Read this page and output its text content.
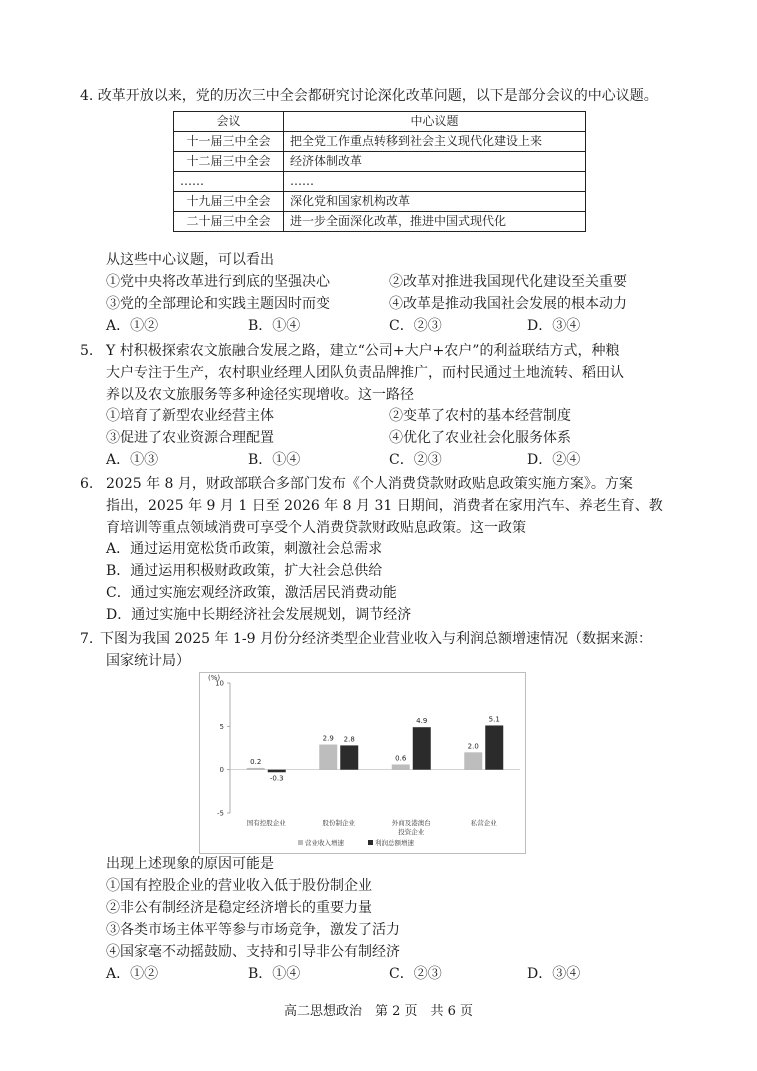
4. 改革开放以来，党的历次三中全会都研究讨论深化改革问题，以下是部分会议的中心议题。
会议	中心议题
十一届三中全会	把全党工作重点转移到社会主义现代化建设上来
十二届三中全会	经济体制改革
……	……
十九届三中全会	深化党和国家机构改革
二十届三中全会	进一步全面深化改革，推进中国式现代化
从这些中心议题，可以看出
①党中央将改革进行到底的坚强决心	②改革对推进我国现代化建设至关重要
③党的全部理论和实践主题因时而变	④改革是推动我国社会发展的根本动力
A．①②	B．①④	C．②③	D．③④
5. Y 村积极探索农文旅融合发展之路，建立“公司+大户+农户”的利益联结方式，种粮
大户专注于生产，农村职业经理人团队负责品牌推广，而村民通过土地流转、稻田认
养以及农文旅服务等多种途径实现增收。这一路径
①培育了新型农业经营主体	②变革了农村的基本经营制度
③促进了农业资源合理配置	④优化了农业社会化服务体系
A．①③	B．①④	C．②③	D．②④
6. 2025 年 8 月，财政部联合多部门发布《个人消费贷款财政贴息政策实施方案》。方案
指出，2025 年 9 月 1 日至 2026 年 8 月 31 日期间，消费者在家用汽车、养老生育、教
育培训等重点领域消费可享受个人消费贷款财政贴息政策。这一政策
A．通过运用宽松货币政策，刺激社会总需求
B．通过运用积极财政政策，扩大社会总供给
C．通过实施宏观经济政策，激活居民消费动能
D．通过实施中长期经济社会发展规划，调节经济
7. 下图为我国 2025 年 1-9 月份分经济类型企业营业收入与利润总额增速情况（数据来源：
国家统计局）
(%)
-5
0
5
10
0.2
-0.3
国有控股企业
2.9 2.8
股份制企业
0.6
4.9
外商及港澳台
投资企业
2.0
5.1
私营企业
营业收入增速	利润总额增速
出现上述现象的原因可能是
①国有控股企业的营业收入低于股份制企业
②非公有制经济是稳定经济增长的重要力量
③各类市场主体平等参与市场竞争，激发了活力
④国家毫不动摇鼓励、支持和引导非公有制经济
A．①②	B．①④	C．②③	D．③④
高二思想政治　第 2 页　共 6 页
